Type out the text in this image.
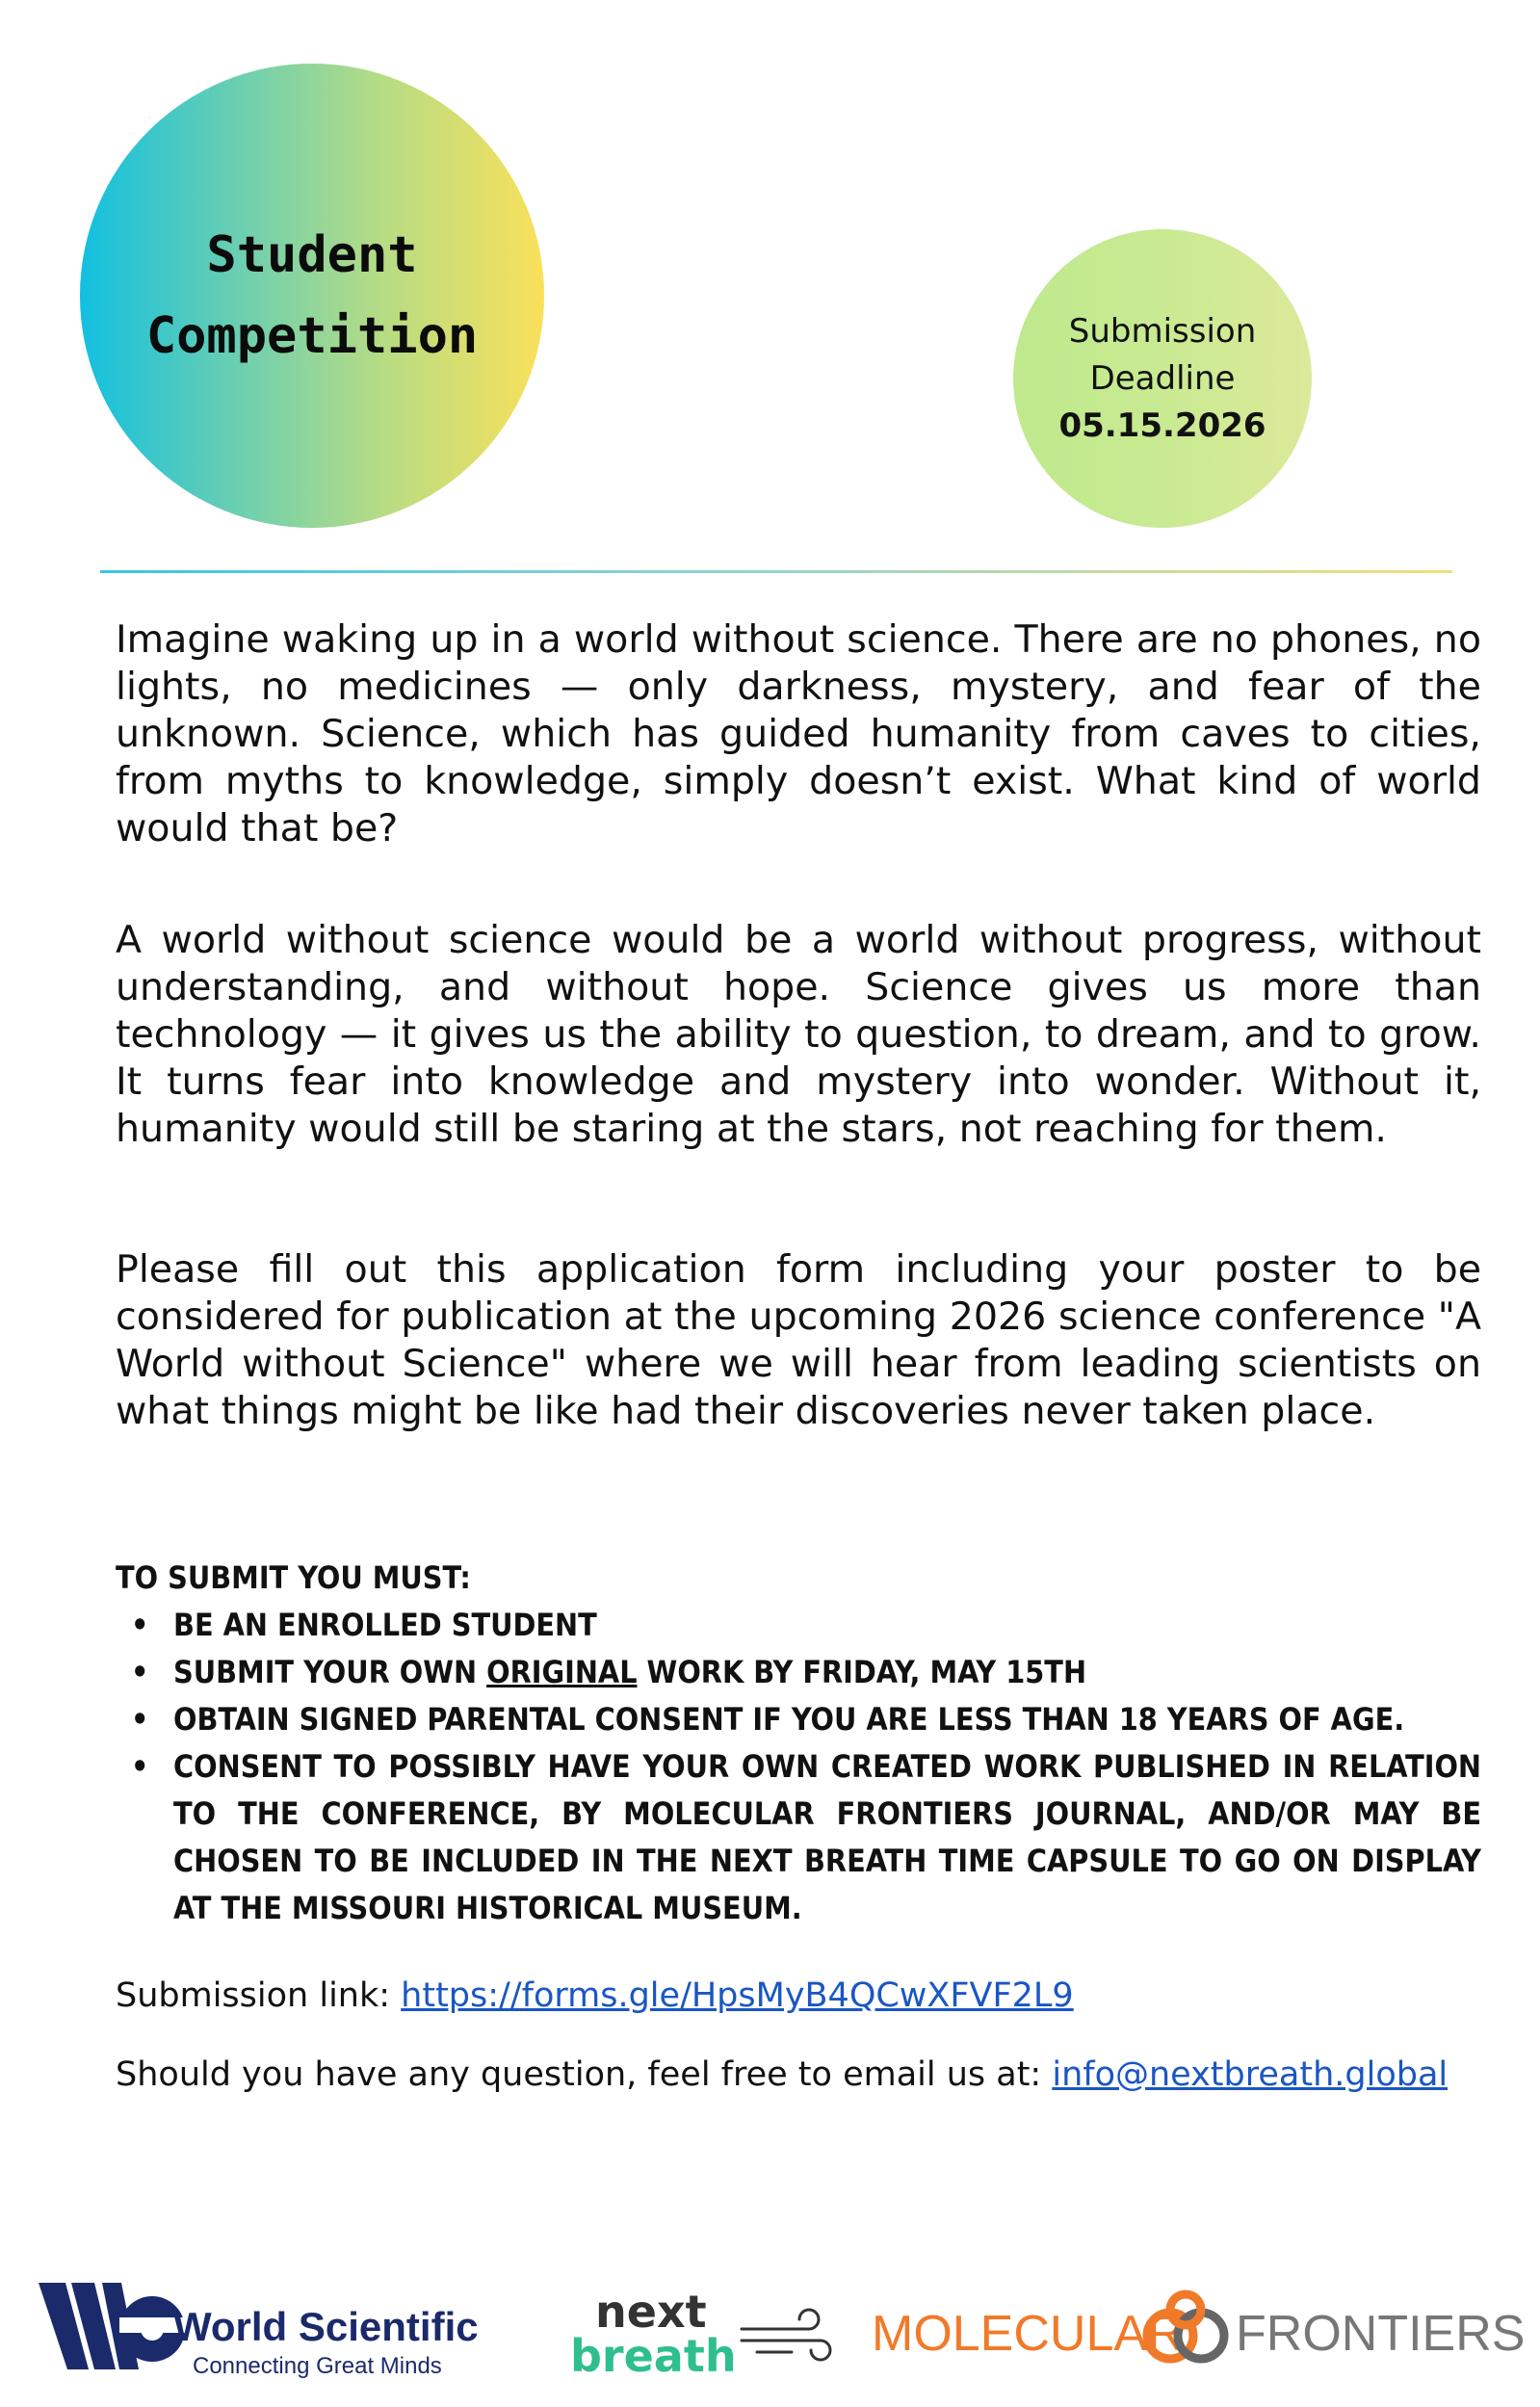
Student
Competition	Submission
Deadline
05.15.2026

Imagine waking up in a world without science. There are no phones, no lights, no medicines — only darkness, mystery, and fear of the unknown. Science, which has guided humanity from caves to cities, from myths to knowledge, simply doesn’t exist. What kind of world would that be?

A world without science would be a world without progress, without understanding, and without hope. Science gives us more than technology — it gives us the ability to question, to dream, and to grow. It turns fear into knowledge and mystery into wonder. Without it, humanity would still be staring at the stars, not reaching for them.

Please fill out this application form including your poster to be considered for publication at the upcoming 2026 science conference "A World without Science" where we will hear from leading scientists on what things might be like had their discoveries never taken place.

TO SUBMIT YOU MUST:
• BE AN ENROLLED STUDENT
• SUBMIT YOUR OWN ORIGINAL WORK BY FRIDAY, MAY 15TH
• OBTAIN SIGNED PARENTAL CONSENT IF YOU ARE LESS THAN 18 YEARS OF AGE.
• CONSENT TO POSSIBLY HAVE YOUR OWN CREATED WORK PUBLISHED IN RELATION TO THE CONFERENCE, BY MOLECULAR FRONTIERS JOURNAL, AND/OR MAY BE CHOSEN TO BE INCLUDED IN THE NEXT BREATH TIME CAPSULE TO GO ON DISPLAY AT THE MISSOURI HISTORICAL MUSEUM.
Submission link: https://forms.gle/HpsMyB4QCwXFVF2L9
Should you have any question, feel free to email us at: info@nextbreath.global
World Scientific
Connecting Great Minds
next
breath	MOLECULAR FRONTIERS
